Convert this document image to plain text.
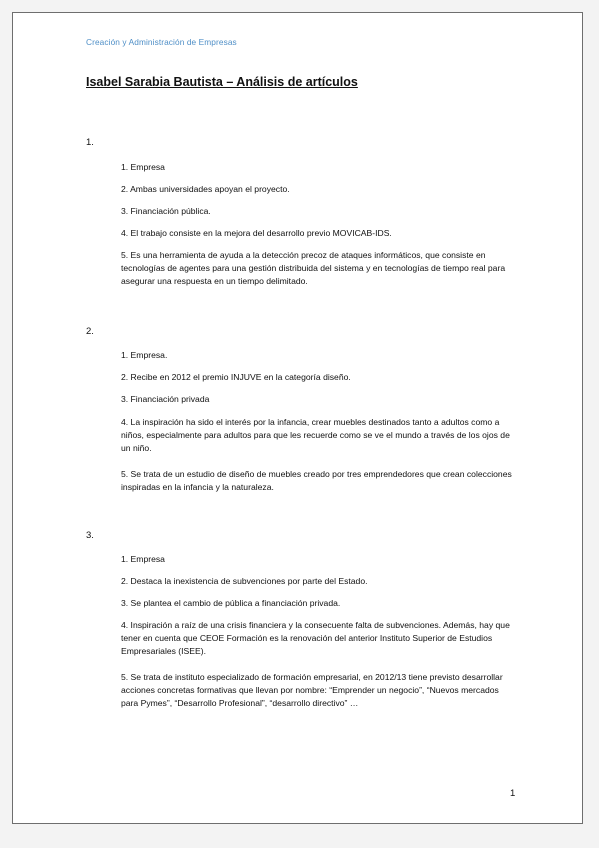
Creación y Administración de Empresas
Isabel Sarabia Bautista – Análisis de artículos
1.
1. Empresa
2. Ambas universidades apoyan el proyecto.
3. Financiación pública.
4. El trabajo consiste en la mejora del desarrollo previo MOVICAB-IDS.
5. Es una herramienta de ayuda a la detección precoz de ataques informáticos, que consiste en tecnologías de agentes para una gestión distribuida del sistema y en tecnologías de tiempo real para asegurar una respuesta en un tiempo delimitado.
2.
1. Empresa.
2. Recibe en 2012 el premio INJUVE en la categoría diseño.
3. Financiación privada
4. La inspiración ha sido el interés por la infancia, crear muebles destinados tanto a adultos como a niños, especialmente para adultos para que les recuerde como se ve el mundo a través de los ojos de un niño.
5. Se trata de un estudio de diseño de muebles creado por tres emprendedores que crean colecciones inspiradas en la infancia y la naturaleza.
3.
1. Empresa
2. Destaca la inexistencia de subvenciones por parte del Estado.
3. Se plantea el cambio de pública a financiación privada.
4. Inspiración a raíz de una crisis financiera y la consecuente falta de subvenciones. Además, hay que tener en cuenta que CEOE Formación es la renovación del anterior Instituto Superior de Estudios Empresariales (ISEE).
5. Se trata de instituto especializado de formación empresarial, en 2012/13 tiene previsto desarrollar acciones concretas formativas que llevan por nombre: “Emprender un negocio”, “Nuevos mercados para Pymes”, “Desarrollo Profesional”, “desarrollo directivo” …
1
